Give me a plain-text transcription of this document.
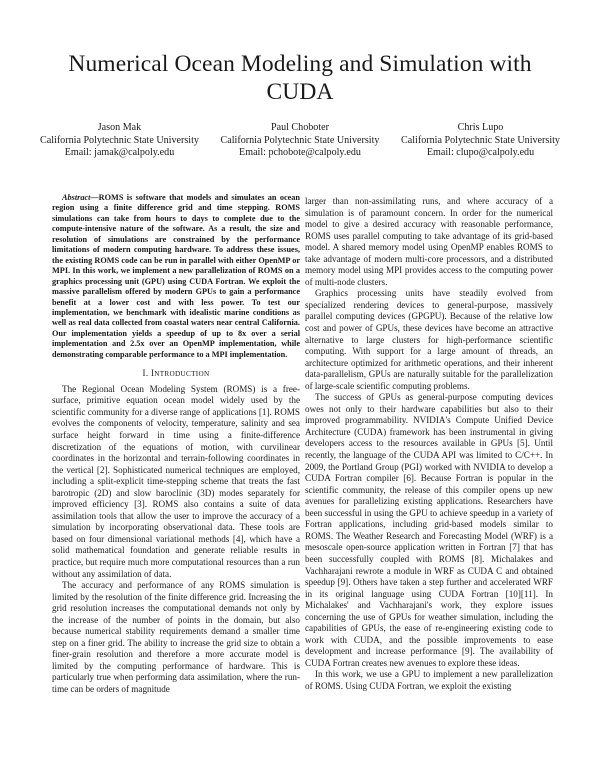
Numerical Ocean Modeling and Simulation with CUDA
Jason Mak
California Polytechnic State University
Email: jamak@calpoly.edu
Paul Choboter
California Polytechnic State University
Email: pchobote@calpoly.edu
Chris Lupo
California Polytechnic State University
Email: clupo@calpoly.edu

Abstract—ROMS is software that models and simulates an ocean region using a finite difference grid and time stepping. ROMS simulations can take from hours to days to complete due to the compute-intensive nature of the software. As a result, the size and resolution of simulations are constrained by the performance limitations of modern computing hardware. To address these issues, the existing ROMS code can be run in parallel with either OpenMP or MPI. In this work, we implement a new parallelization of ROMS on a graphics processing unit (GPU) using CUDA Fortran. We exploit the massive parallelism offered by modern GPUs to gain a performance benefit at a lower cost and with less power. To test our implementation, we benchmark with idealistic marine conditions as well as real data collected from coastal waters near central California. Our implementation yields a speedup of up to 8x over a serial implementation and 2.5x over an OpenMP implementation, while demonstrating comparable performance to a MPI implementation.

I. INTRODUCTION

The Regional Ocean Modeling System (ROMS) is a free-surface, primitive equation ocean model widely used by the scientific community for a diverse range of applications [1]. ROMS evolves the components of velocity, temperature, salinity and sea surface height forward in time using a finite-difference discretization of the equations of motion, with curvilinear coordinates in the horizontal and terrain-following coordinates in the vertical [2]. Sophisticated numerical techniques are employed, including a split-explicit time-stepping scheme that treats the fast barotropic (2D) and slow baroclinic (3D) modes separately for improved efficiency [3]. ROMS also contains a suite of data assimilation tools that allow the user to improve the accuracy of a simulation by incorporating observational data. These tools are based on four dimensional variational methods [4], which have a solid mathematical foundation and generate reliable results in practice, but require much more computational resources than a run without any assimilation of data.

The accuracy and performance of any ROMS simulation is limited by the resolution of the finite difference grid. Increasing the grid resolution increases the computational demands not only by the increase of the number of points in the domain, but also because numerical stability requirements demand a smaller time step on a finer grid. The ability to increase the grid size to obtain a finer-grain resolution and therefore a more accurate model is limited by the computing performance of hardware. This is particularly true when performing data assimilation, where the run-time can be orders of magnitude

larger than non-assimilating runs, and where accuracy of a simulation is of paramount concern. In order for the numerical model to give a desired accuracy with reasonable performance, ROMS uses parallel computing to take advantage of its grid-based model. A shared memory model using OpenMP enables ROMS to take advantage of modern multi-core processors, and a distributed memory model using MPI provides access to the computing power of multi-node clusters.

Graphics processing units have steadily evolved from specialized rendering devices to general-purpose, massively parallel computing devices (GPGPU). Because of the relative low cost and power of GPUs, these devices have become an attractive alternative to large clusters for high-performance scientific computing. With support for a large amount of threads, an architecture optimized for arithmetic operations, and their inherent data-parallelism, GPUs are naturally suitable for the parallelization of large-scale scientific computing problems.

The success of GPUs as general-purpose computing devices owes not only to their hardware capabilities but also to their improved programmability. NVIDIA's Compute Unified Device Architecture (CUDA) framework has been instrumental in giving developers access to the resources available in GPUs [5]. Until recently, the language of the CUDA API was limited to C/C++. In 2009, the Portland Group (PGI) worked with NVIDIA to develop a CUDA Fortran compiler [6]. Because Fortran is popular in the scientific community, the release of this compiler opens up new avenues for parallelizing existing applications. Researchers have been successful in using the GPU to achieve speedup in a variety of Fortran applications, including grid-based models similar to ROMS. The Weather Research and Forecasting Model (WRF) is a mesoscale open-source application written in Fortran [7] that has been successfully coupled with ROMS [8]. Michalakes and Vachharajani rewrote a module in WRF as CUDA C and obtained speedup [9]. Others have taken a step further and accelerated WRF in its original language using CUDA Fortran [10][11]. In Michalakes' and Vachharajani's work, they explore issues concerning the use of GPUs for weather simulation, including the capabilities of GPUs, the ease of re-engineering existing code to work with CUDA, and the possible improvements to ease development and increase performance [9]. The availability of CUDA Fortran creates new avenues to explore these ideas.

In this work, we use a GPU to implement a new parallelization of ROMS. Using CUDA Fortran, we exploit the existing
